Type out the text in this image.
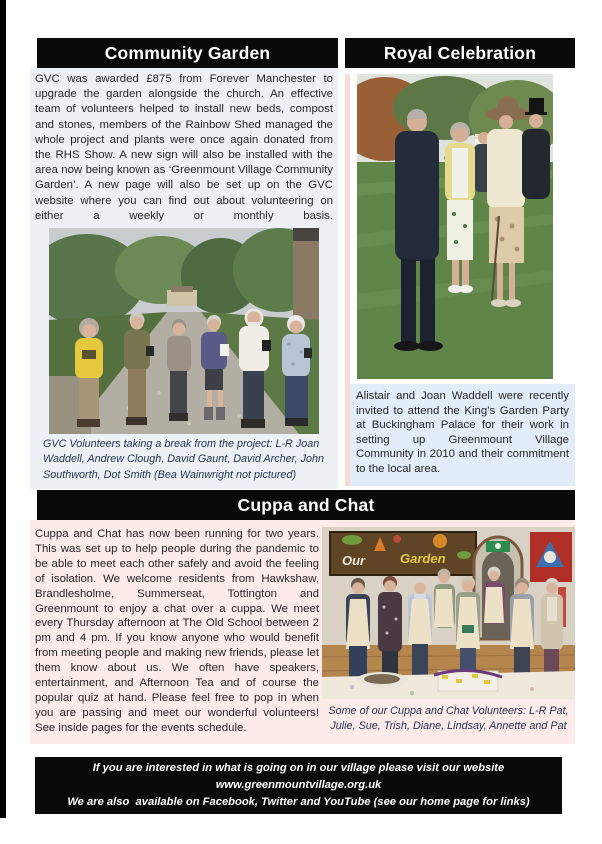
Community Garden

GVC was awarded £875 from Forever Manchester to upgrade the garden alongside the church. An effective team of volunteers helped to install new beds, compost and stones, members of the Rainbow Shed managed the whole project and plants were once again donated from the RHS Show. A new sign will also be installed with the area now being known as ‘Greenmount Village Community Garden’. A new page will also be set up on the GVC website where you can find out about volunteering on either a weekly or monthly basis.

GVC Volunteers taking a break from the project: L-R Joan Waddell, Andrew Clough, David Gaunt, David Archer, John Southworth, Dot Smith (Bea Wainwright not pictured)

Royal Celebration

Alistair and Joan Waddell were recently invited to attend the King’s Garden Party at Buckingham Palace for their work in setting up Greenmount Village Community in 2010 and their commitment to the local area.

Cuppa and Chat

Cuppa and Chat has now been running for two years. This was set up to help people during the pandemic to be able to meet each other safely and avoid the feeling of isolation. We welcome residents from Hawkshaw, Brandlesholme, Summerseat, Tottington and Greenmount to enjoy a chat over a cuppa. We meet every Thursday afternoon at The Old School between 2 pm and 4 pm. If you know anyone who would benefit from meeting people and making new friends, please let them know about us. We often have speakers, entertainment, and Afternoon Tea and of course the popular quiz at hand. Please feel free to pop in when you are passing and meet our wonderful volunteers! See inside pages for the events schedule.

Our	Garden

Some of our Cuppa and Chat Volunteers: L-R Pat, Julie, Sue, Trish, Diane, Lindsay, Annette and Pat

If you are interested in what is going on in our village please visit our website

www.greenmountvillage.org.uk

We are also  available on Facebook, Twitter and YouTube (see our home page for links)
